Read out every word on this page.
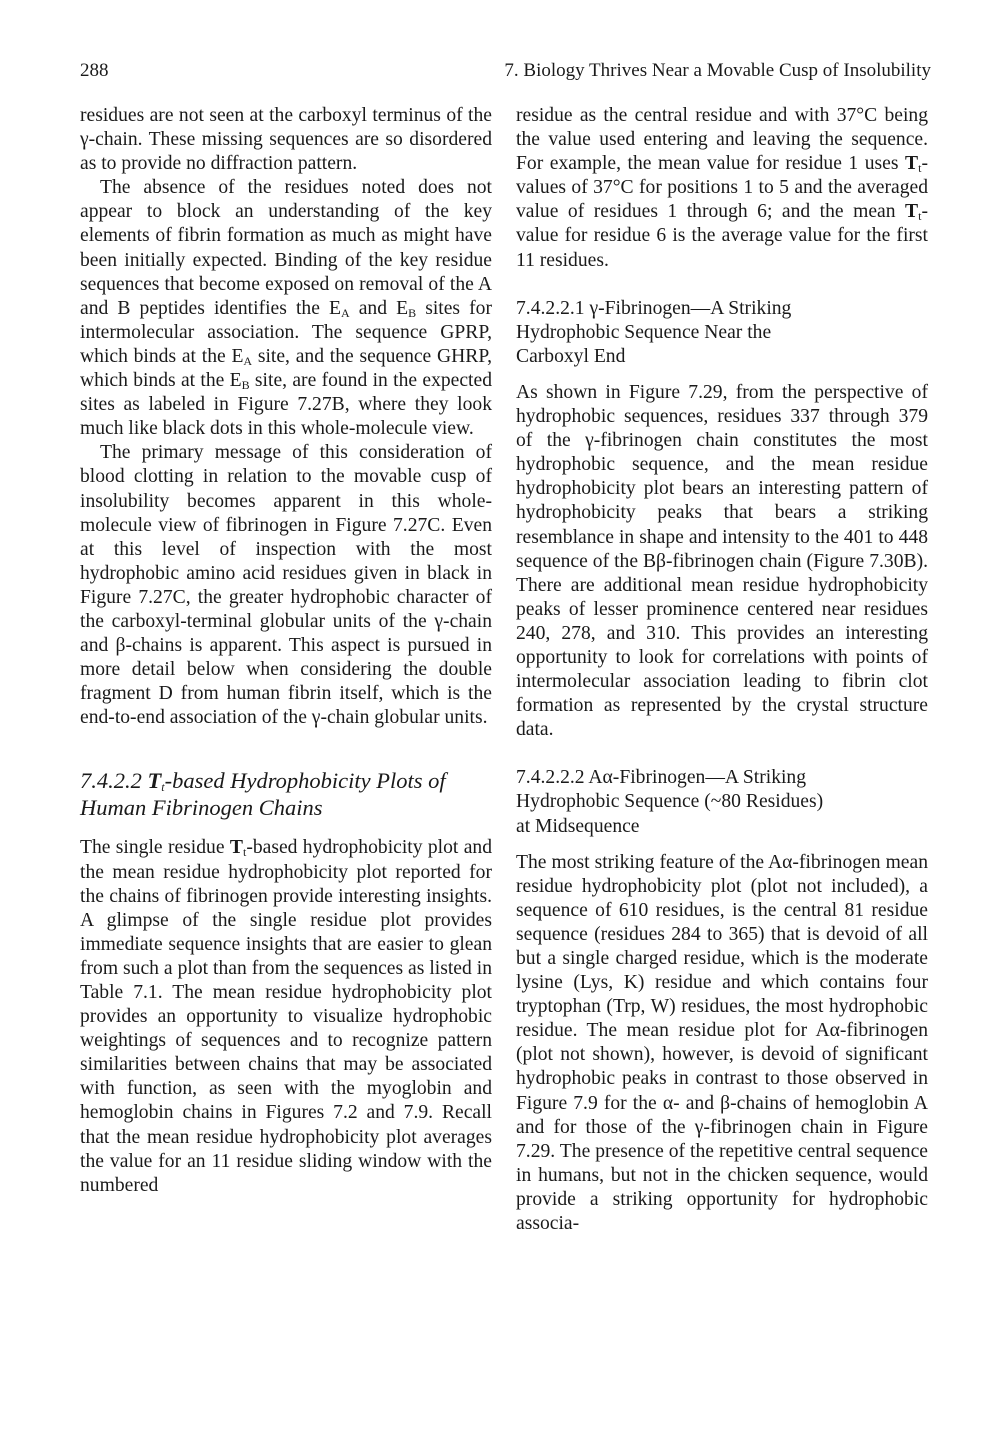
288	7. Biology Thrives Near a Movable Cusp of Insolubility

residues are not seen at the carboxyl terminus of the γ-chain. These missing sequences are so disordered as to provide no diffraction pattern.

The absence of the residues noted does not appear to block an understanding of the key elements of fibrin formation as much as might have been initially expected. Binding of the key residue sequences that become exposed on removal of the A and B peptides identifies the $E_A$ and $E_B$ sites for intermolecular association. The sequence GPRP, which binds at the $E_A$ site, and the sequence GHRP, which binds at the $E_B$ site, are found in the expected sites as labeled in Figure 7.27B, where they look much like black dots in this whole-molecule view.

The primary message of this consideration of blood clotting in relation to the movable cusp of insolubility becomes apparent in this whole-molecule view of fibrinogen in Figure 7.27C. Even at this level of inspection with the most hydrophobic amino acid residues given in black in Figure 7.27C, the greater hydrophobic character of the carboxyl-terminal globular units of the γ-chain and β-chains is apparent. This aspect is pursued in more detail below when considering the double fragment D from human fibrin itself, which is the end-to-end association of the γ-chain globular units.

7.4.2.2 $T_t$-based Hydrophobicity Plots of Human Fibrinogen Chains

The single residue $T_t$-based hydrophobicity plot and the mean residue hydrophobicity plot reported for the chains of fibrinogen provide interesting insights. A glimpse of the single residue plot provides immediate sequence insights that are easier to glean from such a plot than from the sequences as listed in Table 7.1. The mean residue hydrophobicity plot provides an opportunity to visualize hydrophobic weightings of sequences and to recognize pattern similarities between chains that may be associated with function, as seen with the myoglobin and hemoglobin chains in Figures 7.2 and 7.9. Recall that the mean residue hydrophobicity plot averages the value for an 11 residue sliding window with the numbered

residue as the central residue and with 37°C being the value used entering and leaving the sequence. For example, the mean value for residue 1 uses $T_t$-values of 37°C for positions 1 to 5 and the averaged value of residues 1 through 6; and the mean $T_t$-value for residue 6 is the average value for the first 11 residues.

7.4.2.2.1 γ-Fibrinogen—A Striking
Hydrophobic Sequence Near the
Carboxyl End

As shown in Figure 7.29, from the perspective of hydrophobic sequences, residues 337 through 379 of the γ-fibrinogen chain constitutes the most hydrophobic sequence, and the mean residue hydrophobicity plot bears an interesting pattern of hydrophobicity peaks that bears a striking resemblance in shape and intensity to the 401 to 448 sequence of the Bβ-fibrinogen chain (Figure 7.30B). There are additional mean residue hydrophobicity peaks of lesser prominence centered near residues 240, 278, and 310. This provides an interesting opportunity to look for correlations with points of intermolecular association leading to fibrin clot formation as represented by the crystal structure data.

7.4.2.2.2 Aα-Fibrinogen—A Striking
Hydrophobic Sequence (~80 Residues)
at Midsequence

The most striking feature of the Aα-fibrinogen mean residue hydrophobicity plot (plot not included), a sequence of 610 residues, is the central 81 residue sequence (residues 284 to 365) that is devoid of all but a single charged residue, which is the moderate lysine (Lys, K) residue and which contains four tryptophan (Trp, W) residues, the most hydrophobic residue. The mean residue plot for Aα-fibrinogen (plot not shown), however, is devoid of significant hydrophobic peaks in contrast to those observed in Figure 7.9 for the α- and β-chains of hemoglobin A and for those of the γ-fibrinogen chain in Figure 7.29. The presence of the repetitive central sequence in humans, but not in the chicken sequence, would provide a striking opportunity for hydrophobic associa-
